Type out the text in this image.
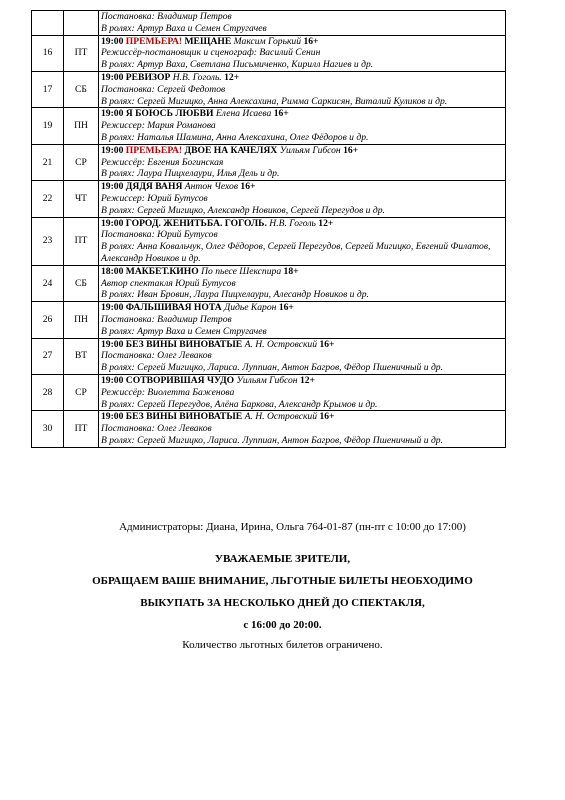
		Постановка: Владимир Петров
В ролях: Артур Ваха и Семен Стругачев

16	ПТ	19:00 ПРЕМЬЕРА! МЕЩАНЕ Максим Горький 16+
Режиссёр-постановщик и сценограф: Василий Сенин
В ролях: Артур Ваха, Светлана Письмиченко, Кирилл Нагиев и др.

17	СБ	19:00 РЕВИЗОР Н.В. Гоголь. 12+
Постановка: Сергей Федотов
В ролях: Сергей Мигицко, Анна Алексахина, Римма Саркисян, Виталий Куликов и др.

19	ПН	19:00 Я БОЮСЬ ЛЮБВИ Елена Исаева 16+
Режиссер: Мария Романова
В ролях: Наталья Шамина, Анна Алексахина, Олег Фёдоров и др.

21	СР	19:00 ПРЕМЬЕРА! ДВОЕ НА КАЧЕЛЯХ Уильям Гибсон 16+
Режиссёр: Евгения Богинская
В ролях: Лаура Пицхелаури, Илья Дель и др.

22	ЧТ	19:00 ДЯДЯ ВАНЯ Антон Чехов 16+
Режиссер: Юрий Бутусов
В ролях: Сергей Мигицко, Александр Новиков, Сергей Перегудов и др.

23	ПТ	19:00 ГОРОД. ЖЕНИТЬБА. ГОГОЛЬ. Н.В. Гоголь 12+
Постановка: Юрий Бутусов
В ролях: Анна Ковальчук, Олег Фёдоров, Сергей Перегудов, Сергей Мигицко, Евгений Филатов, Александр Новиков и др.

24	СБ	18:00 МАКБЕТ.КИНО По пьесе Шекспира 18+
Автор спектакля Юрий Бутусов
В ролях: Иван Бровин, Лаура Пицхелаури, Алесандр Новиков и др.

26	ПН	19:00 ФАЛЬШИВАЯ НОТА Дидье Карон 16+
Постановка: Владимир Петров
В ролях: Артур Ваха и Семен Стругачев

27	ВТ	19:00 БЕЗ ВИНЫ ВИНОВАТЫЕ А. Н. Островский 16+
Постановка: Олег Леваков
В ролях: Сергей Мигицко, Лариса. Луппиан, Антон Багров, Фёдор Пшеничный и др.

28	СР	19:00 СОТВОРИВШАЯ ЧУДО Уильям Гибсон 12+
Режиссёр: Виолетта Баженова
В ролях: Сергей Перегудов, Алёна Баркова, Александр Крымов и др.

30	ПТ	19:00 БЕЗ ВИНЫ ВИНОВАТЫЕ А. Н. Островский 16+
Постановка: Олег Леваков
В ролях: Сергей Мигицко, Лариса. Луппиан, Антон Багров, Фёдор Пшеничный и др.
Администраторы: Диана, Ирина, Ольга 764-01-87 (пн-пт с 10:00 до 17:00)
УВАЖАЕМЫЕ ЗРИТЕЛИ,
ОБРАЩАЕМ ВАШЕ ВНИМАНИЕ, ЛЬГОТНЫЕ БИЛЕТЫ НЕОБХОДИМО
ВЫКУПАТЬ ЗА НЕСКОЛЬКО ДНЕЙ ДО СПЕКТАКЛЯ,
с 16:00 до 20:00.
Количество льготных билетов ограничено.
